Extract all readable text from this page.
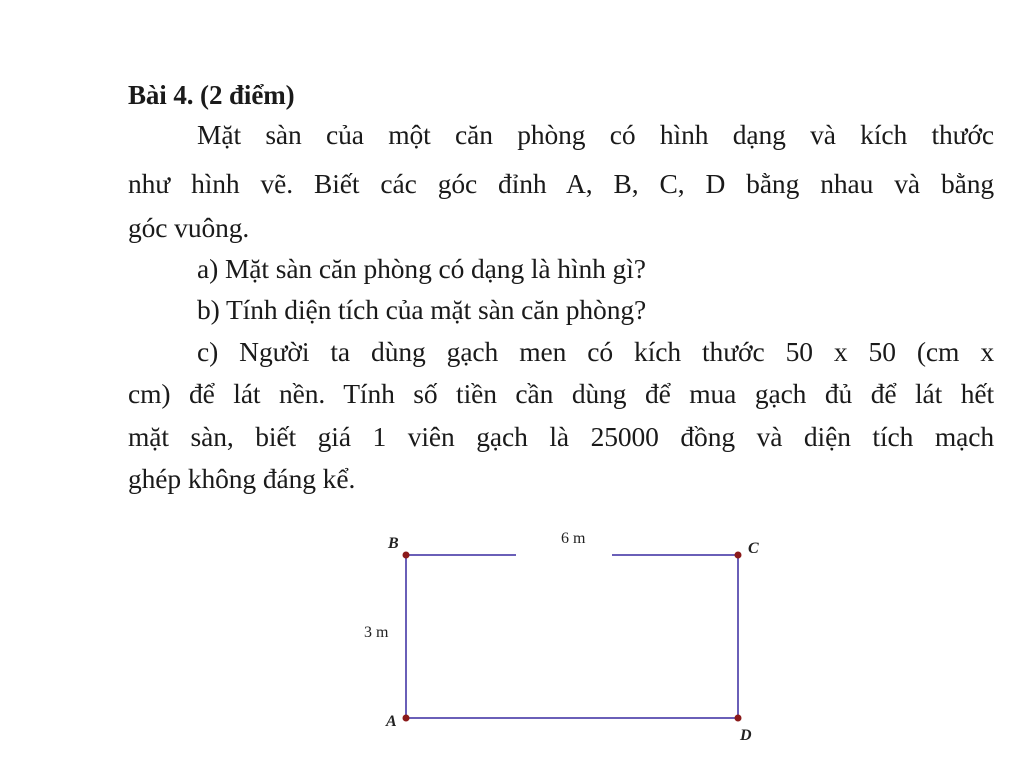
Bài 4. (2 điểm)
Mặt sàn của một căn phòng có hình dạng và kích thước
như hình vẽ. Biết các góc đỉnh A, B, C, D bằng nhau và bằng
góc vuông.
a) Mặt sàn căn phòng có dạng là hình gì?
b) Tính diện tích của mặt sàn căn phòng?
c) Người ta dùng gạch men có kích thước 50 x 50 (cm x
cm) để lát nền. Tính số tiền cần dùng để mua gạch đủ để lát hết
mặt sàn, biết giá 1 viên gạch là 25000 đồng và diện tích mạch
ghép không đáng kể.
B	C
A
D
6 m
3 m
